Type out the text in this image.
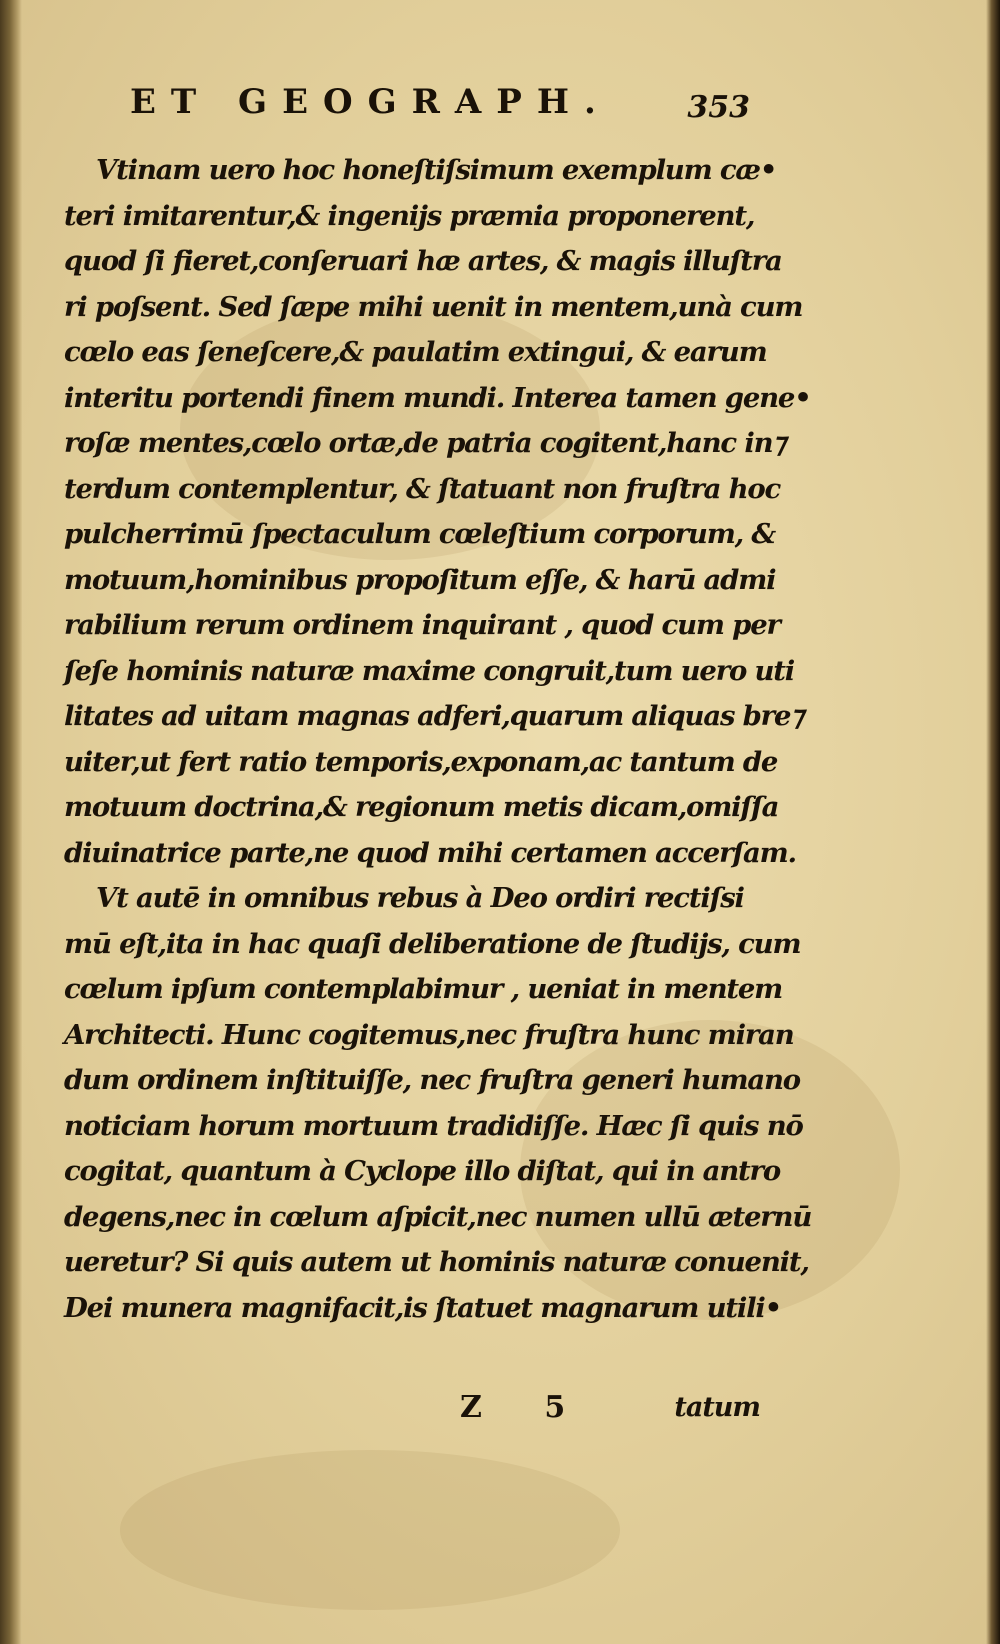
ET GEOGRAPH.	353
Vtinam uero hoc honeſtiſsimum exemplum cæ•
teri imitarentur,& ingenijs præmia proponerent,
quod ſi fieret,conſeruari hæ artes, & magis illuſtra
ri poſsent. Sed ſæpe mihi uenit in mentem,unà cum
cœlo eas ſeneſcere,& paulatim extingui, & earum
interitu portendi finem mundi. Interea tamen gene•
roſæ mentes,cœlo ortæ,de patria cogitent,hanc in⁊
terdum contemplentur, & ſtatuant non fruſtra hoc
pulcherrimū ſpectaculum cœleſtium corporum, &
motuum,hominibus propoſitum eſſe, & harū admi
rabilium rerum ordinem inquirant , quod cum per
ſeſe hominis naturæ maxime congruit,tum uero uti
litates ad uitam magnas adferi,quarum aliquas bre⁊
uiter,ut fert ratio temporis,exponam,ac tantum de
motuum doctrina,& regionum metis dicam,omiſſa
diuinatrice parte,ne quod mihi certamen accerſam.
Vt autē in omnibus rebus à Deo ordiri rectiſsi
mū eſt,ita in hac quaſi deliberatione de ſtudijs, cum
cœlum ipſum contemplabimur , ueniat in mentem
Architecti. Hunc cogitemus,nec fruſtra hunc miran
dum ordinem inſtituiſſe, nec fruſtra generi humano
noticiam horum mortuum tradidiſſe. Hæc ſi quis nō
cogitat, quantum à Cyclope illo diſtat, qui in antro
degens,nec in cœlum aſpicit,nec numen ullū æternū
ueretur? Si quis autem ut hominis naturæ conuenit,
Dei munera magnifacit,is ſtatuet magnarum utili•
Z 5	tatum
